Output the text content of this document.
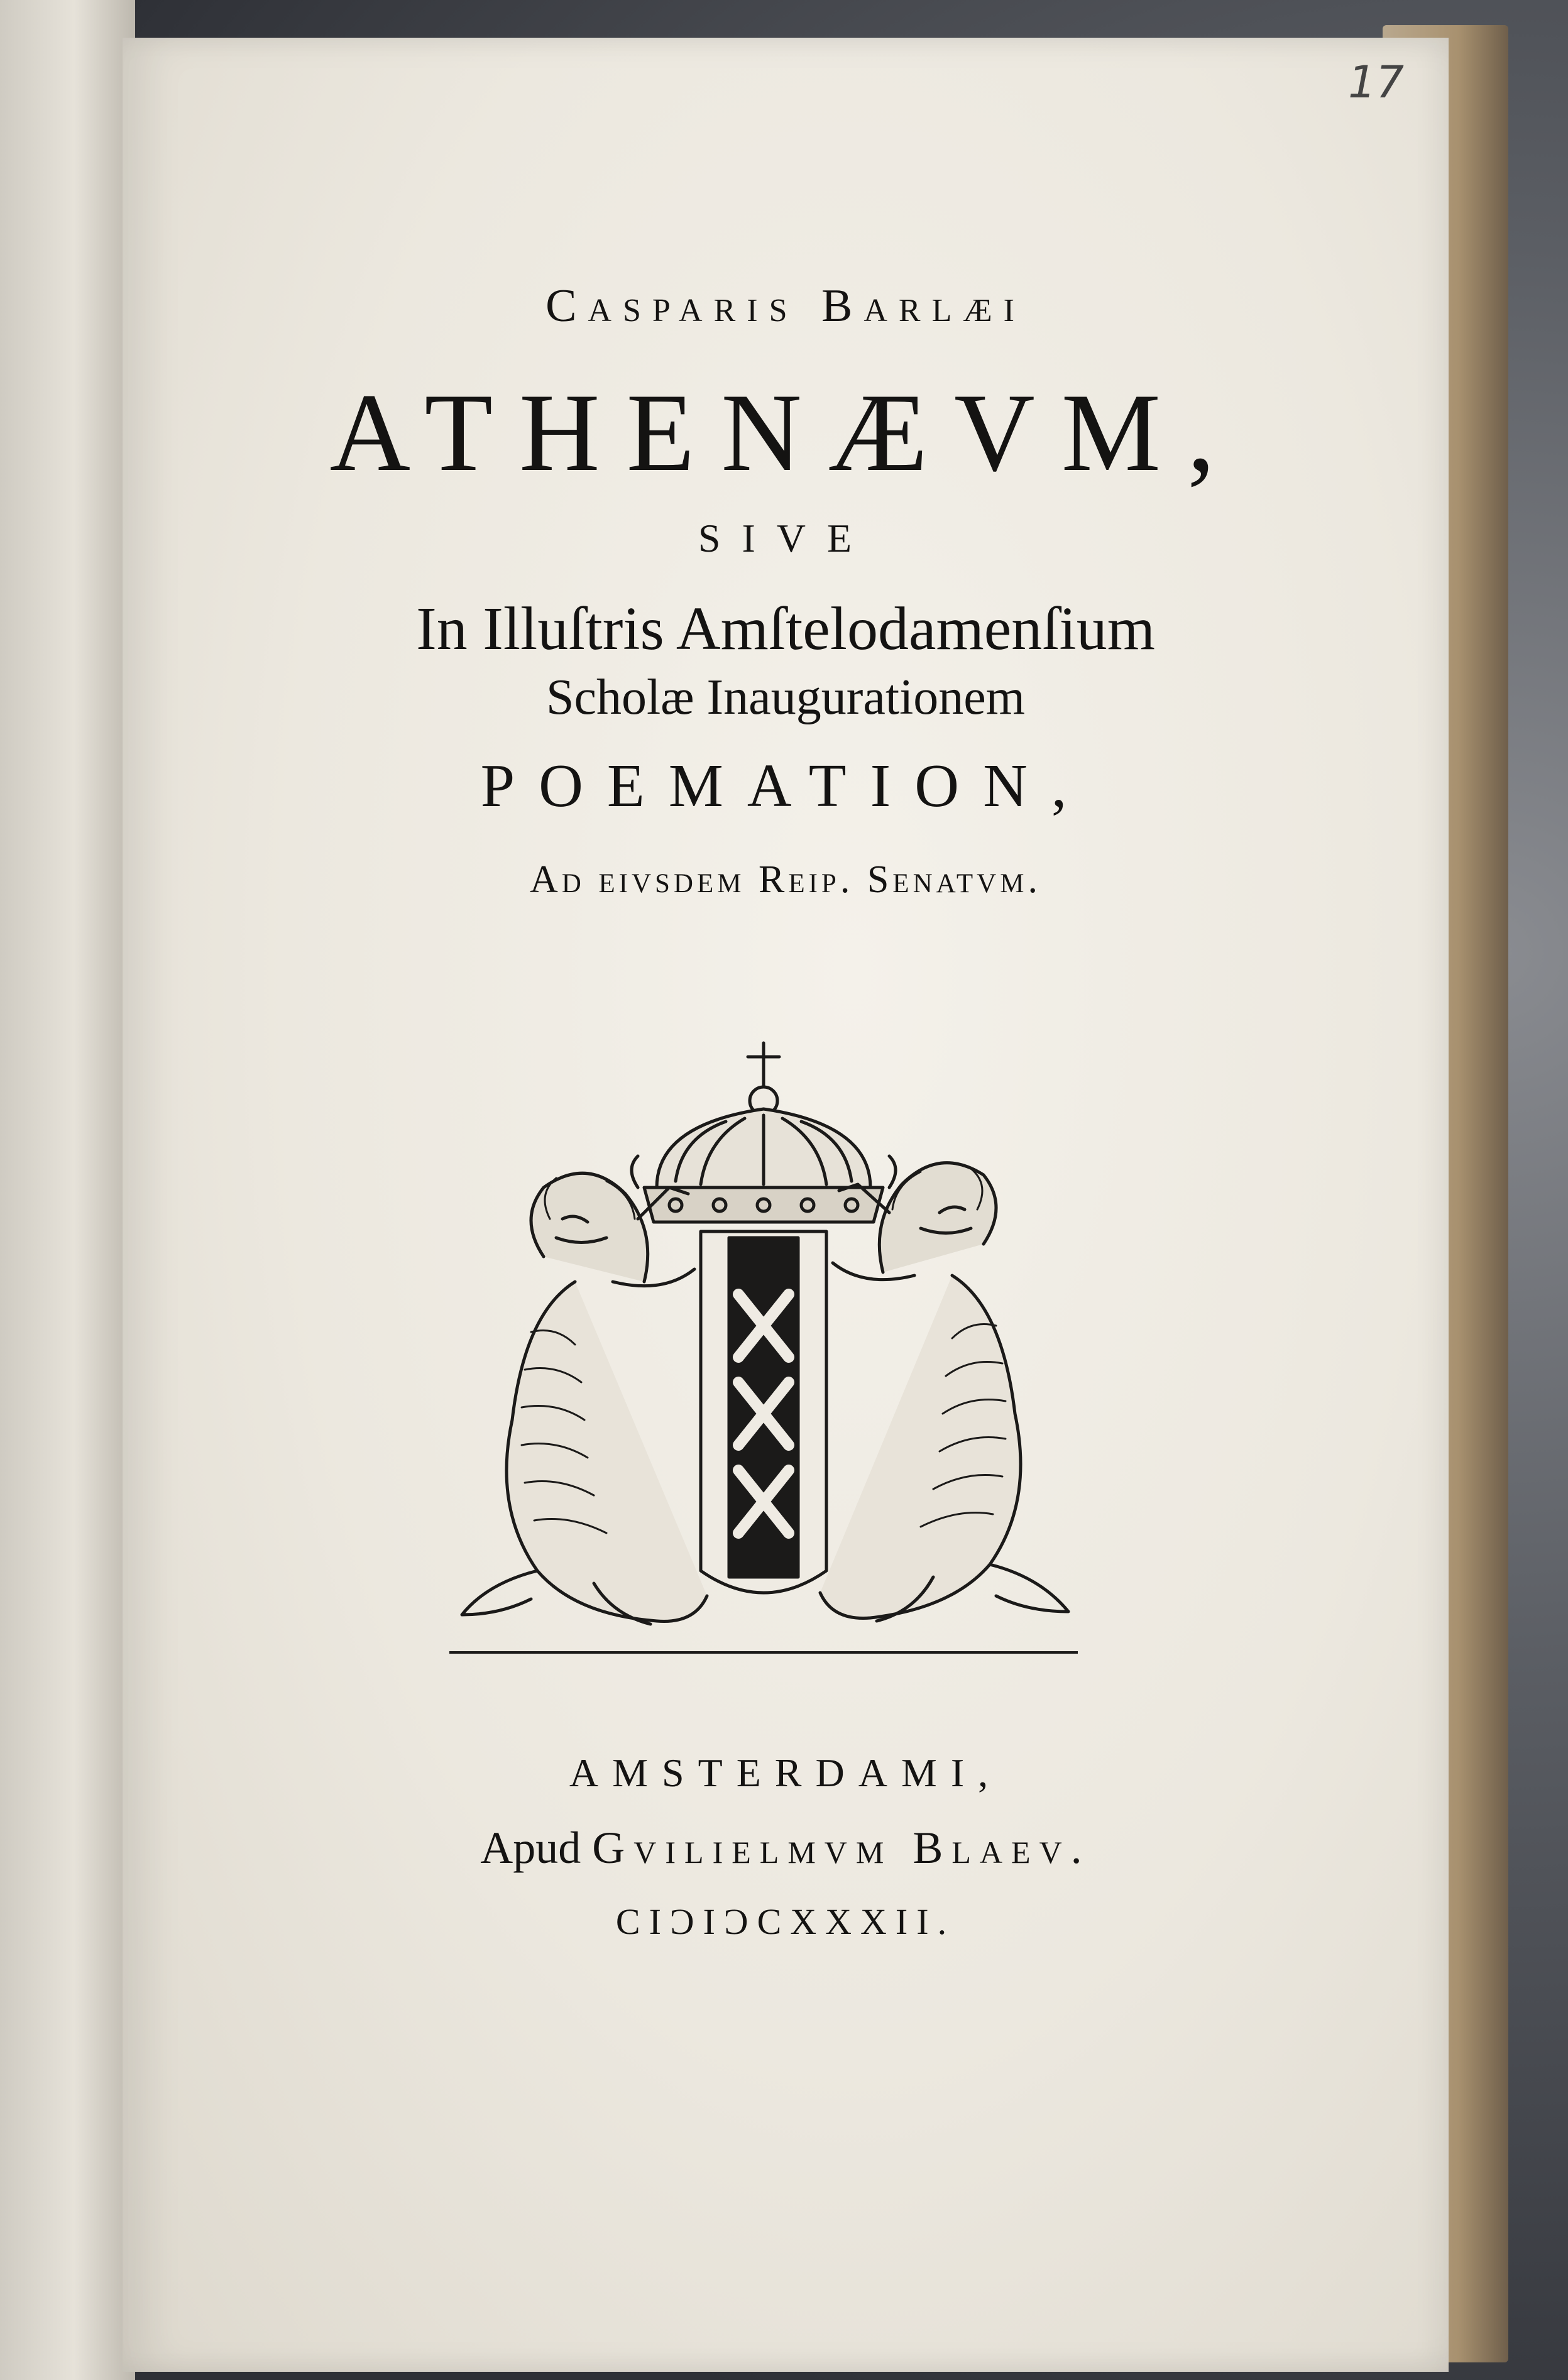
17
Casparis Barlæi
ATHENÆVM,
SIVE
In Illuſtris Amſtelodamenſium
Scholæ Inaugurationem
POEMATION,
Ad eivsdem Reip. Senatvm.
AMSTERDAMI,
Apud Gvilielmvm Blaev.
CIƆIƆCXXXII.
